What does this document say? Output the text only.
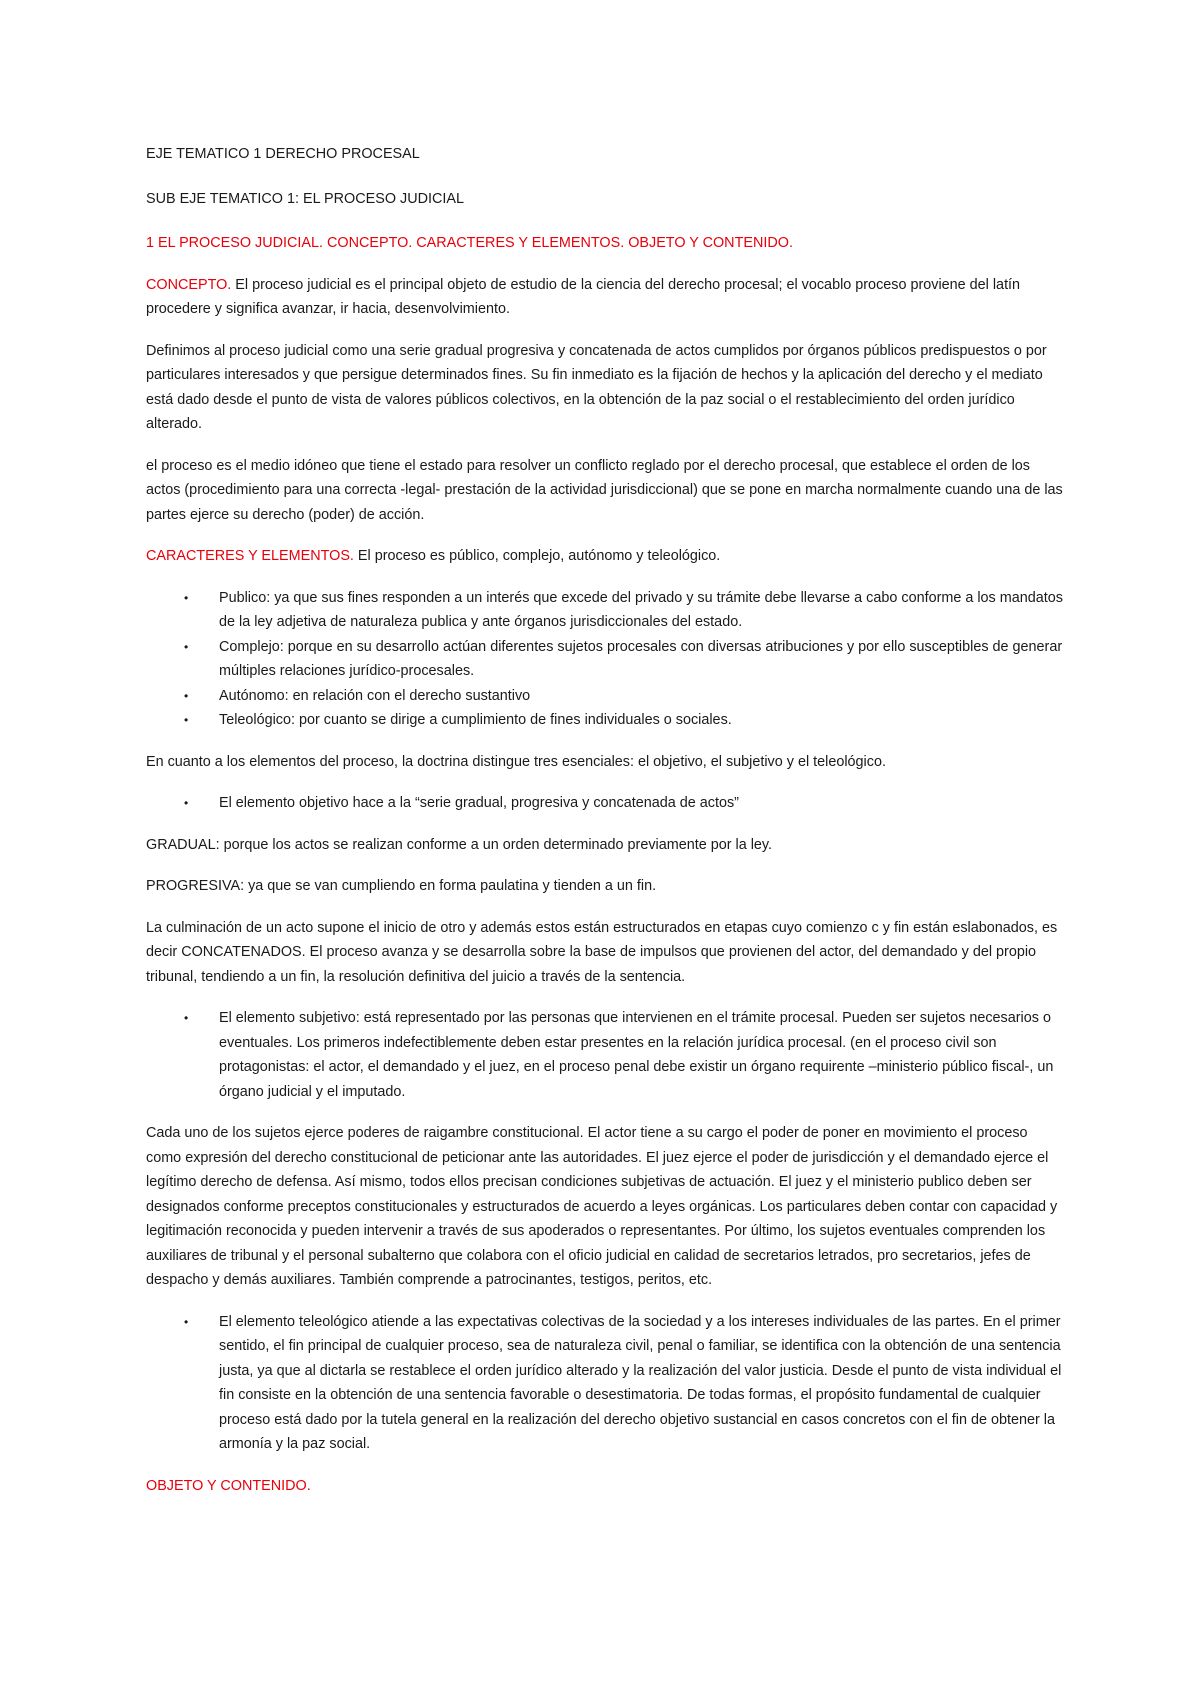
EJE TEMATICO 1 DERECHO PROCESAL

SUB EJE TEMATICO 1: EL PROCESO JUDICIAL

1 EL PROCESO JUDICIAL. CONCEPTO. CARACTERES Y ELEMENTOS. OBJETO Y CONTENIDO.

CONCEPTO. El proceso judicial es el principal objeto de estudio de la ciencia del derecho procesal; el vocablo proceso proviene del latín procedere y significa avanzar, ir hacia, desenvolvimiento.

Definimos al proceso judicial como una serie gradual progresiva y concatenada de actos cumplidos por órganos públicos predispuestos o por particulares interesados y que persigue determinados fines. Su fin inmediato es la fijación de hechos y la aplicación del derecho y el mediato está dado desde el punto de vista de valores públicos colectivos, en la obtención de la paz social o el restablecimiento del orden jurídico alterado.

el proceso es el medio idóneo que tiene el estado para resolver un conflicto reglado por el derecho procesal, que establece el orden de los actos (procedimiento para una correcta -legal- prestación de la actividad jurisdiccional) que se pone en marcha normalmente cuando una de las partes ejerce su derecho (poder) de acción.

CARACTERES Y ELEMENTOS. El proceso es público, complejo, autónomo y teleológico.

• Publico: ya que sus fines responden a un interés que excede del privado y su trámite debe llevarse a cabo conforme a los mandatos de la ley adjetiva de naturaleza publica y ante órganos jurisdiccionales del estado.
• Complejo: porque en su desarrollo actúan diferentes sujetos procesales con diversas atribuciones y por ello susceptibles de generar múltiples relaciones jurídico-procesales.
• Autónomo: en relación con el derecho sustantivo
• Teleológico: por cuanto se dirige a cumplimiento de fines individuales o sociales.

En cuanto a los elementos del proceso, la doctrina distingue tres esenciales: el objetivo, el subjetivo y el teleológico.

• El elemento objetivo hace a la “serie gradual, progresiva y concatenada de actos”

GRADUAL: porque los actos se realizan conforme a un orden determinado previamente por la ley.

PROGRESIVA: ya que se van cumpliendo en forma paulatina y tienden a un fin.

La culminación de un acto supone el inicio de otro y además estos están estructurados en etapas cuyo comienzo c y fin están eslabonados, es decir CONCATENADOS. El proceso avanza y se desarrolla sobre la base de impulsos que provienen del actor, del demandado y del propio tribunal, tendiendo a un fin, la resolución definitiva del juicio a través de la sentencia.

• El elemento subjetivo: está representado por las personas que intervienen en el trámite procesal. Pueden ser sujetos necesarios o eventuales. Los primeros indefectiblemente deben estar presentes en la relación jurídica procesal. (en el proceso civil son protagonistas: el actor, el demandado y el juez, en el proceso penal debe existir un órgano requirente –ministerio público fiscal-, un órgano judicial y el imputado.

Cada uno de los sujetos ejerce poderes de raigambre constitucional. El actor tiene a su cargo el poder de poner en movimiento el proceso como expresión del derecho constitucional de peticionar ante las autoridades. El juez ejerce el poder de jurisdicción y el demandado ejerce el legítimo derecho de defensa. Así mismo, todos ellos precisan condiciones subjetivas de actuación. El juez y el ministerio publico deben ser designados conforme preceptos constitucionales y estructurados de acuerdo a leyes orgánicas. Los particulares deben contar con capacidad y legitimación reconocida y pueden intervenir a través de sus apoderados o representantes. Por último, los sujetos eventuales comprenden los auxiliares de tribunal y el personal subalterno que colabora con el oficio judicial en calidad de secretarios letrados, pro secretarios, jefes de despacho y demás auxiliares. También comprende a patrocinantes, testigos, peritos, etc.

• El elemento teleológico atiende a las expectativas colectivas de la sociedad y a los intereses individuales de las partes. En el primer sentido, el fin principal de cualquier proceso, sea de naturaleza civil, penal o familiar, se identifica con la obtención de una sentencia justa, ya que al dictarla se restablece el orden jurídico alterado y la realización del valor justicia. Desde el punto de vista individual el fin consiste en la obtención de una sentencia favorable o desestimatoria. De todas formas, el propósito fundamental de cualquier proceso está dado por la tutela general en la realización del derecho objetivo sustancial en casos concretos con el fin de obtener la armonía y la paz social.

OBJETO Y CONTENIDO.
